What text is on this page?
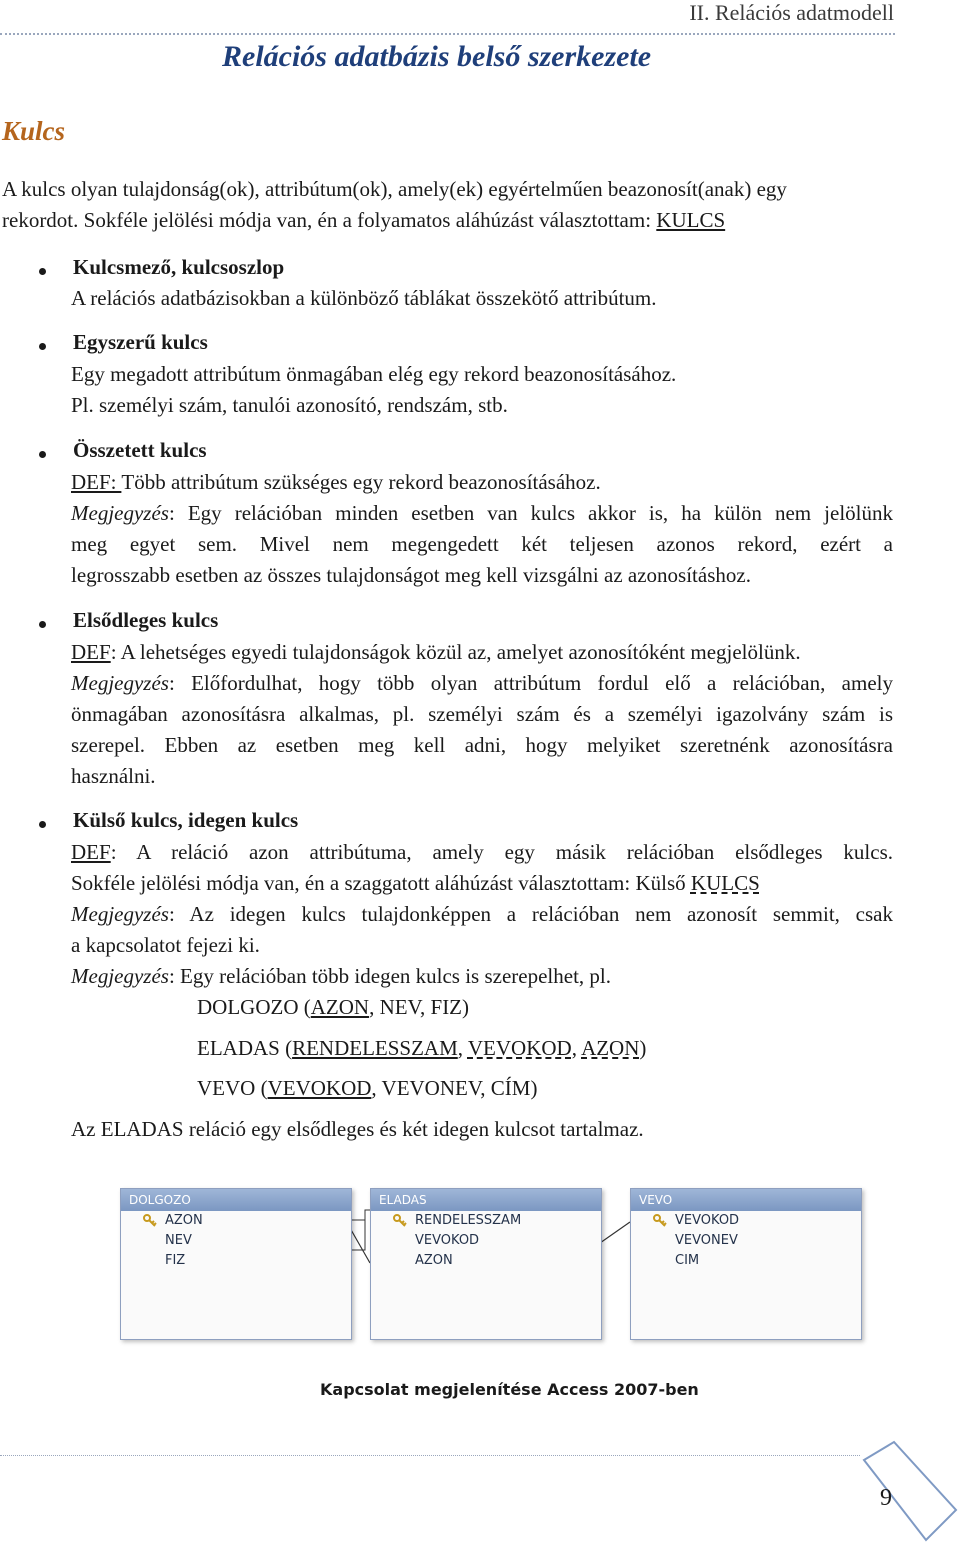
II. Relációs adatmodell
Relációs adatbázis belső szerkezete
Kulcs
A kulcs olyan tulajdonság(ok), attribútum(ok), amely(ek) egyértelműen beazonosít(anak) egy
rekordot. Sokféle jelölési módja van, én a folyamatos aláhúzást választottam: KULCS
Kulcsmező, kulcsoszlop
A relációs adatbázisokban a különböző táblákat összekötő attribútum.
Egyszerű kulcs
Egy megadott attribútum önmagában elég egy rekord beazonosításához.
Pl. személyi szám, tanulói azonosító, rendszám, stb.
Összetett kulcs
DEF: Több attribútum szükséges egy rekord beazonosításához.
Megjegyzés: Egy relációban minden esetben van kulcs akkor is, ha külön nem jelölünk
meg egyet sem. Mivel nem megengedett két teljesen azonos rekord, ezért a
legrosszabb esetben az összes tulajdonságot meg kell vizsgálni az azonosításhoz.
Elsődleges kulcs
DEF: A lehetséges egyedi tulajdonságok közül az, amelyet azonosítóként megjelölünk.
Megjegyzés: Előfordulhat, hogy több olyan attribútum fordul elő a relációban, amely
önmagában azonosításra alkalmas, pl. személyi szám és a személyi igazolvány szám is
szerepel. Ebben az esetben meg kell adni, hogy melyiket szeretnénk azonosításra
használni.
Külső kulcs, idegen kulcs
DEF: A reláció azon attribútuma, amely egy másik relációban elsődleges kulcs.
Sokféle jelölési módja van, én a szaggatott aláhúzást választottam: Külső KULCS
Megjegyzés: Az idegen kulcs tulajdonképpen a relációban nem azonosít semmit, csak
a kapcsolatot fejezi ki.
Megjegyzés: Egy relációban több idegen kulcs is szerepelhet, pl.
DOLGOZO (AZON, NEV, FIZ)
ELADAS (RENDELESSZAM, VEVOKOD, AZON)
VEVO (VEVOKOD, VEVONEV, CÍM)
Az ELADAS reláció egy elsődleges és két idegen kulcsot tartalmaz.
DOLGOZO
AZON
NEV
FIZ
ELADAS
RENDELESSZAM
VEVOKOD
AZON
VEVO
VEVOKOD
VEVONEV
CIM
Kapcsolat megjelenítése Access 2007-ben
9
